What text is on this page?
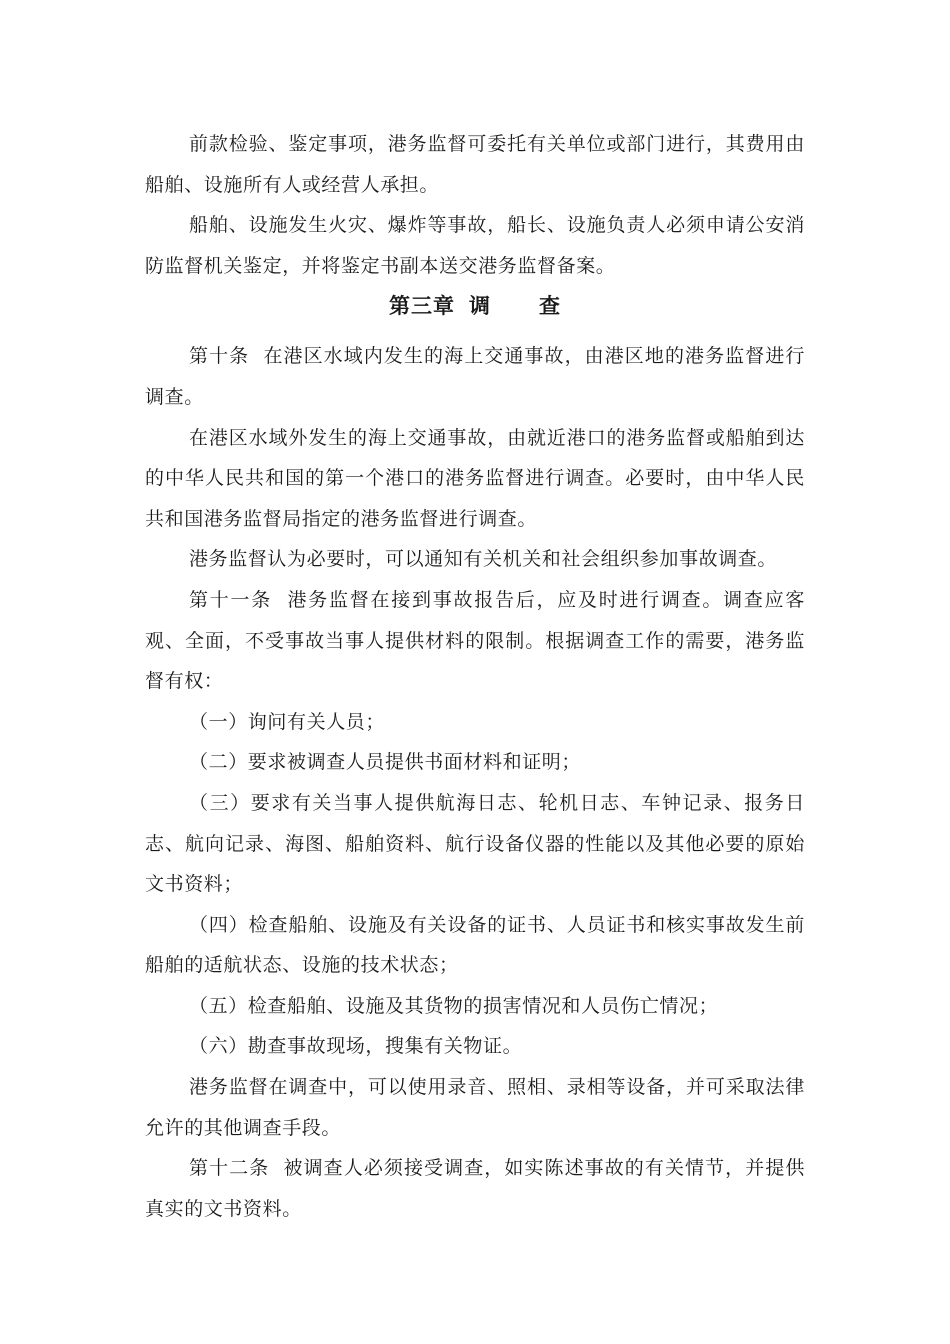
前款检验、鉴定事项，港务监督可委托有关单位或部门进行，其费用由船舶、设施所有人或经营人承担。

船舶、设施发生火灾、爆炸等事故，船长、设施负责人必须申请公安消防监督机关鉴定，并将鉴定书副本送交港务监督备案。

第三章 调 查

第十条  在港区水域内发生的海上交通事故，由港区地的港务监督进行调查。

在港区水域外发生的海上交通事故，由就近港口的港务监督或船舶到达的中华人民共和国的第一个港口的港务监督进行调查。必要时，由中华人民共和国港务监督局指定的港务监督进行调查。

港务监督认为必要时，可以通知有关机关和社会组织参加事故调查。

第十一条  港务监督在接到事故报告后，应及时进行调查。调查应客观、全面，不受事故当事人提供材料的限制。根据调查工作的需要，港务监督有权：

（一）询问有关人员；

（二）要求被调查人员提供书面材料和证明；

（三）要求有关当事人提供航海日志、轮机日志、车钟记录、报务日志、航向记录、海图、船舶资料、航行设备仪器的性能以及其他必要的原始文书资料；

（四）检查船舶、设施及有关设备的证书、人员证书和核实事故发生前船舶的适航状态、设施的技术状态；

（五）检查船舶、设施及其货物的损害情况和人员伤亡情况；

（六）勘查事故现场，搜集有关物证。

港务监督在调查中，可以使用录音、照相、录相等设备，并可采取法律允许的其他调查手段。

第十二条  被调查人必须接受调查，如实陈述事故的有关情节，并提供真实的文书资料。
